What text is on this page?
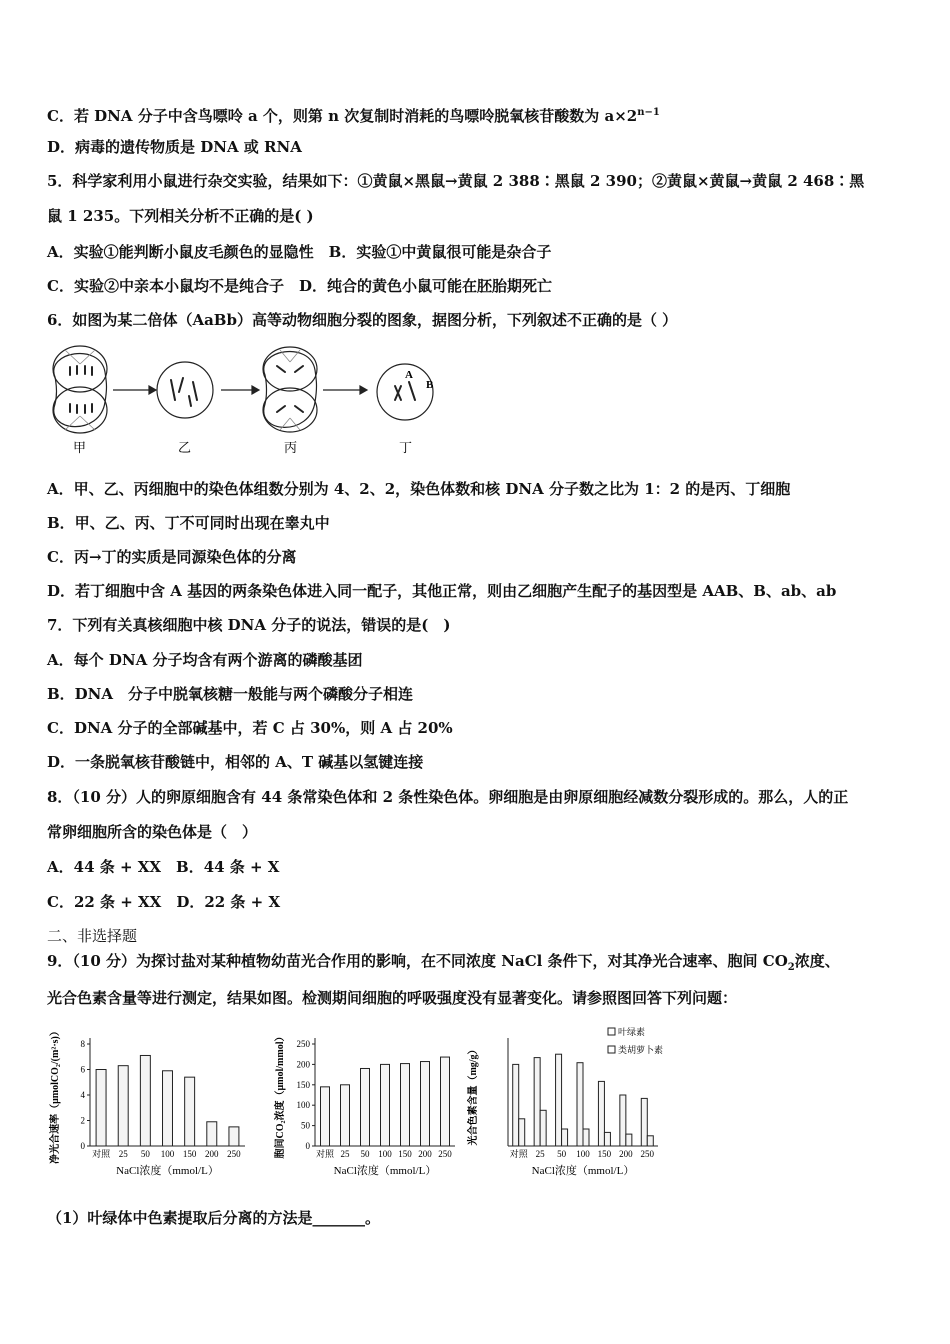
C．若 DNA 分子中含鸟嘌呤 a 个，则第 n 次复制时消耗的鸟嘌呤脱氧核苷酸数为 $a\times 2^{n-1}$
D．病毒的遗传物质是 DNA 或 RNA
5．科学家利用小鼠进行杂交实验，结果如下：①黄鼠×黑鼠→黄鼠 2 388∶黑鼠 2 390；②黄鼠×黄鼠→黄鼠 2 468∶黑
鼠 1 235。下列相关分析不正确的是( )
A．实验①能判断小鼠皮毛颜色的显隐性　B．实验①中黄鼠很可能是杂合子
C．实验②中亲本小鼠均不是纯合子　D．纯合的黄色小鼠可能在胚胎期死亡
6．如图为某二倍体（AaBb）高等动物细胞分裂的图象，据图分析，下列叙述不正确的是（ ）
A
B
甲	乙	丙	丁
A．甲、乙、丙细胞中的染色体组数分别为 4、2、2，染色体数和核 DNA 分子数之比为 1：2 的是丙、丁细胞
B．甲、乙、丙、丁不可同时出现在睾丸中
C．丙→丁的实质是同源染色体的分离
D．若丁细胞中含 A 基因的两条染色体进入同一配子，其他正常，则由乙细胞产生配子的基因型是 AAB、B、ab、ab
7．下列有关真核细胞中核 DNA 分子的说法，错误的是(　)
A．每个 DNA 分子均含有两个游离的磷酸基团
B．DNA　分子中脱氧核糖一般能与两个磷酸分子相连
C．DNA 分子的全部碱基中，若 C 占 30%，则 A 占 20%
D．一条脱氧核苷酸链中，相邻的 A、T 碱基以氢键连接
8．（10 分）人的卵原细胞含有 44 条常染色体和 2 条性染色体。卵细胞是由卵原细胞经减数分裂形成的。那么，人的正
常卵细胞所含的染色体是（　）
A．44 条 + XX　B．44 条 + X
C．22 条 + XX　D．22 条 + X
二、非选择题
9．（10 分）为探讨盐对某种植物幼苗光合作用的影响，在不同浓度 NaCl 条件下，对其净光合速率、胞间 $CO_2$浓度、
光合色素含量等进行测定，结果如图。检测期间细胞的呼吸强度没有显著变化。请参照图回答下列问题：
0
2
4
6
8
净光合速率（μmolCO₂/(m²·s)）	对照 25 50 100 150 200 250
NaCl浓度（mmol/L）
0
50
100
150
200
250
胞间CO₂浓度（μmol/mmol）	对照 25 50 100 150 200 250
NaCl浓度（mmol/L）
光合色素含量（mg/g）
对照 25 50 100 150 200 250
NaCl浓度（mmol/L）
叶绿素
类胡萝卜素
（1）叶绿体中色素提取后分离的方法是_______。
